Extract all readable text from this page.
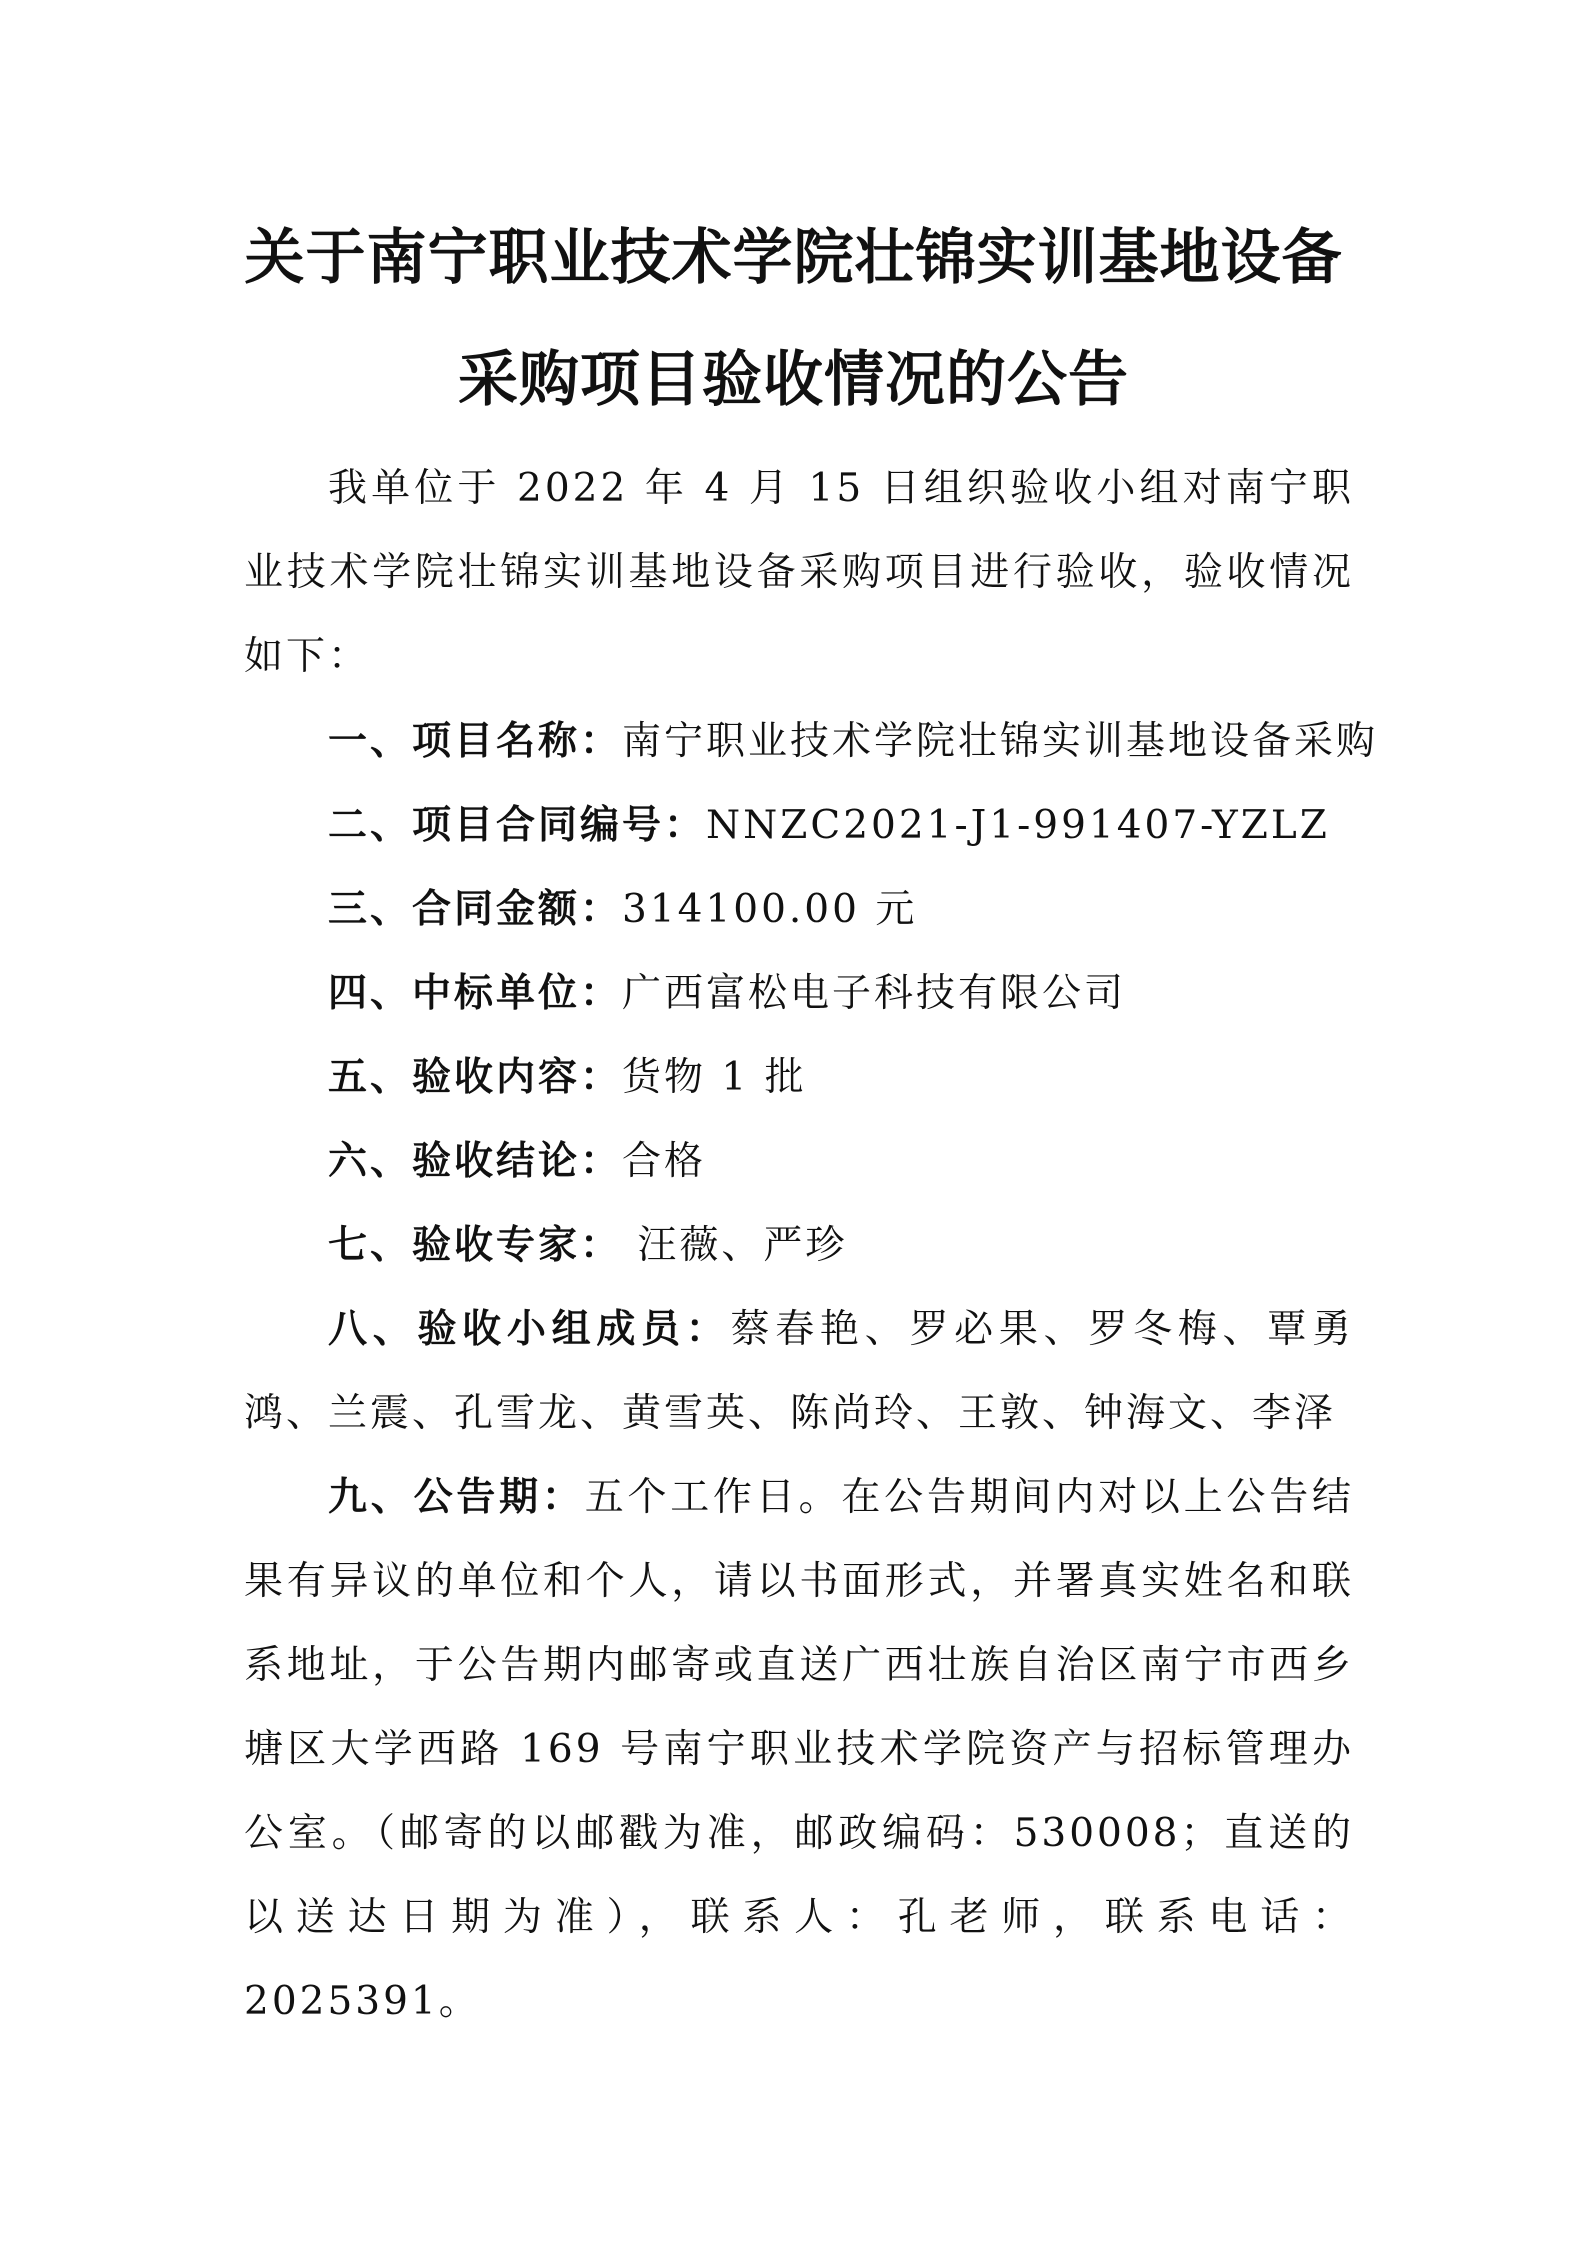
关于南宁职业技术学院壮锦实训基地设备
采购项目验收情况的公告
我单位于 2022 年 4 月 15 日组织验收小组对南宁职业技术学院壮锦实训基地设备采购项目进行验收，验收情况如下：
一、项目名称：南宁职业技术学院壮锦实训基地设备采购
二、项目合同编号：NNZC2021-J1-991407-YZLZ
三、合同金额：314100.00 元
四、中标单位：广西富松电子科技有限公司
五、验收内容：货物 1 批
六、验收结论：合格
七、验收专家： 汪薇、严珍
八、验收小组成员：蔡春艳、罗必果、罗冬梅、覃勇鸿、兰震、孔雪龙、黄雪英、陈尚玲、王敦、钟海文、李泽
九、公告期：五个工作日。在公告期间内对以上公告结果有异议的单位和个人，请以书面形式，并署真实姓名和联系地址，于公告期内邮寄或直送广西壮族自治区南宁市西乡塘区大学西路 169 号南宁职业技术学院资产与招标管理办公室。（邮寄的以邮戳为准，邮政编码：530008；直送的以送达日期为准），联系人：孔老师，联系电话：2025391。
